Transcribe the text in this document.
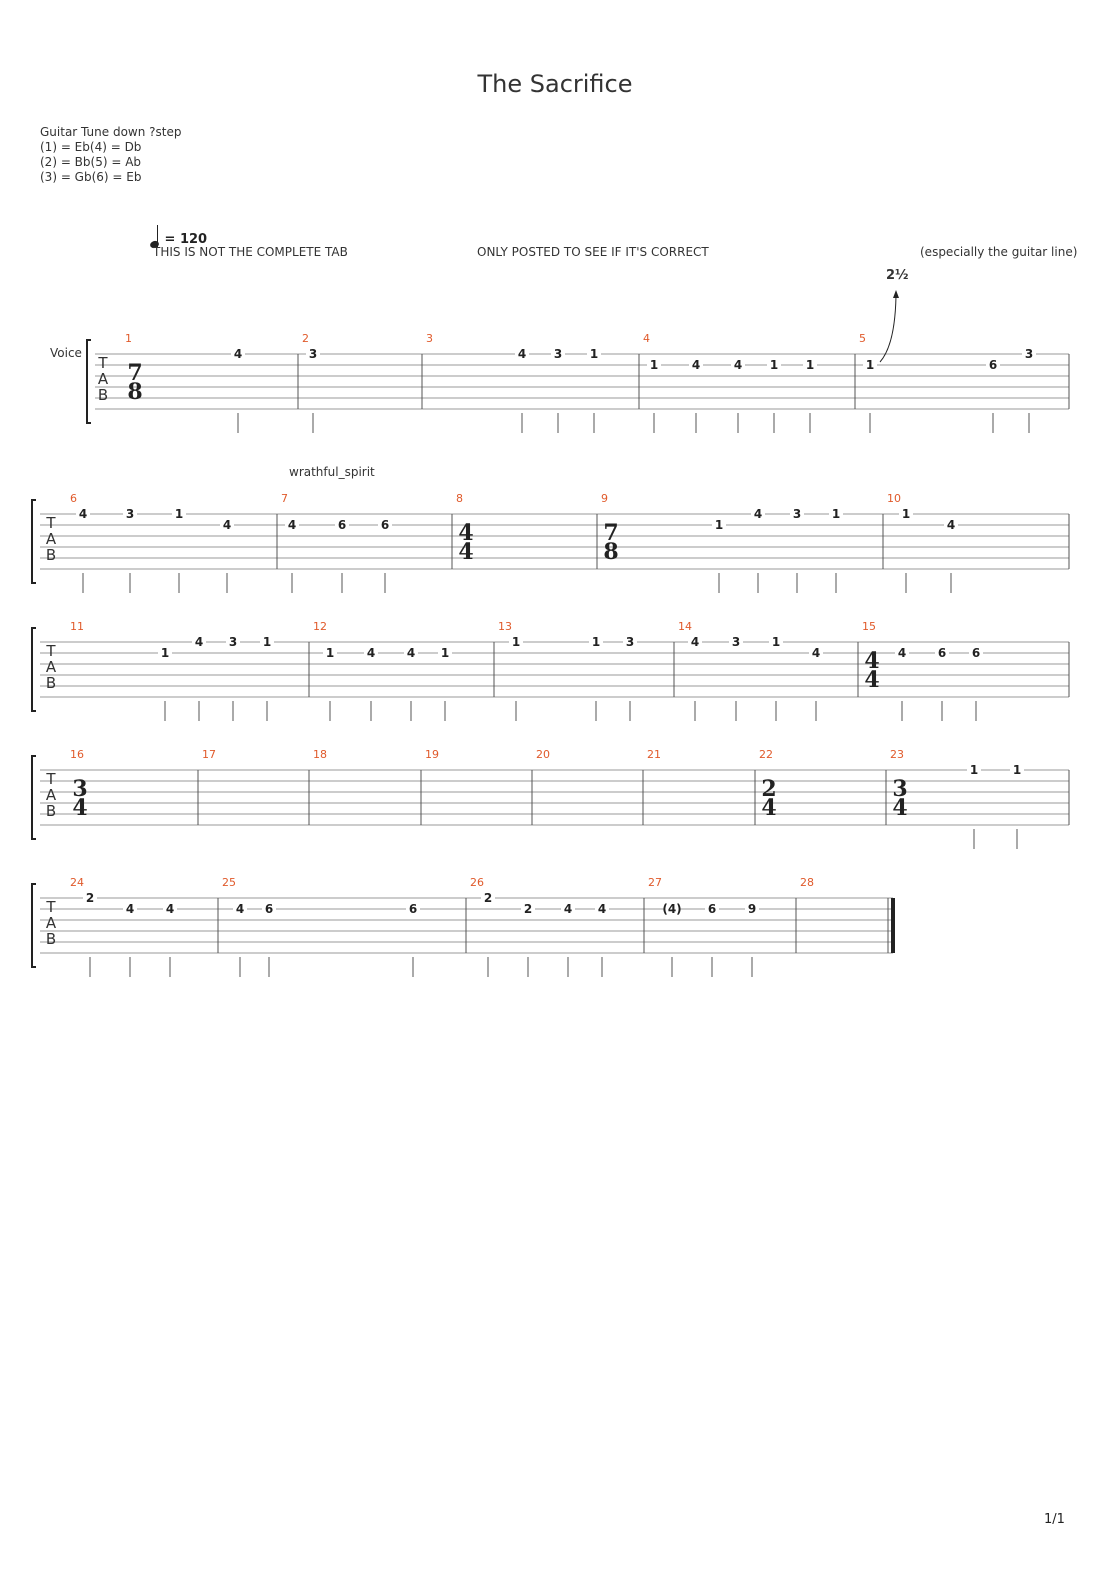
The Sacrifice
Guitar Tune down ?step
(1) = Eb(4) = Db
(2) = Bb(5) = Ab
(3) = Gb(6) = Eb
= 120
THIS IS NOT THE COMPLETE TAB	ONLY POSTED TO SEE IF IT'S CORRECT	(especially the guitar line)
wrathful_spirit
2½
Voice
1/1
T
A
B
1
7
8
4
2
3
3
4 3 1
4
1	4	4 1 1
5
1	6
3
T
A
B
6
4	3	1
4
7
4	6	6
8
4
4
9
7
8
1
4	3	1
10
1
4
T
A
B
11
1
4 3 1
12
1	4	4 1
13
1	1 3
14
4	3	1
4
15
4
4
4	6 6
T
A
B
16
3
4
17	18	19	20	21	22
2
4
23
3
4
1	1
T
A
B
24
2
4	4
25
4 6	6
26
2
2	4 4
27
(4) 6	9
28
